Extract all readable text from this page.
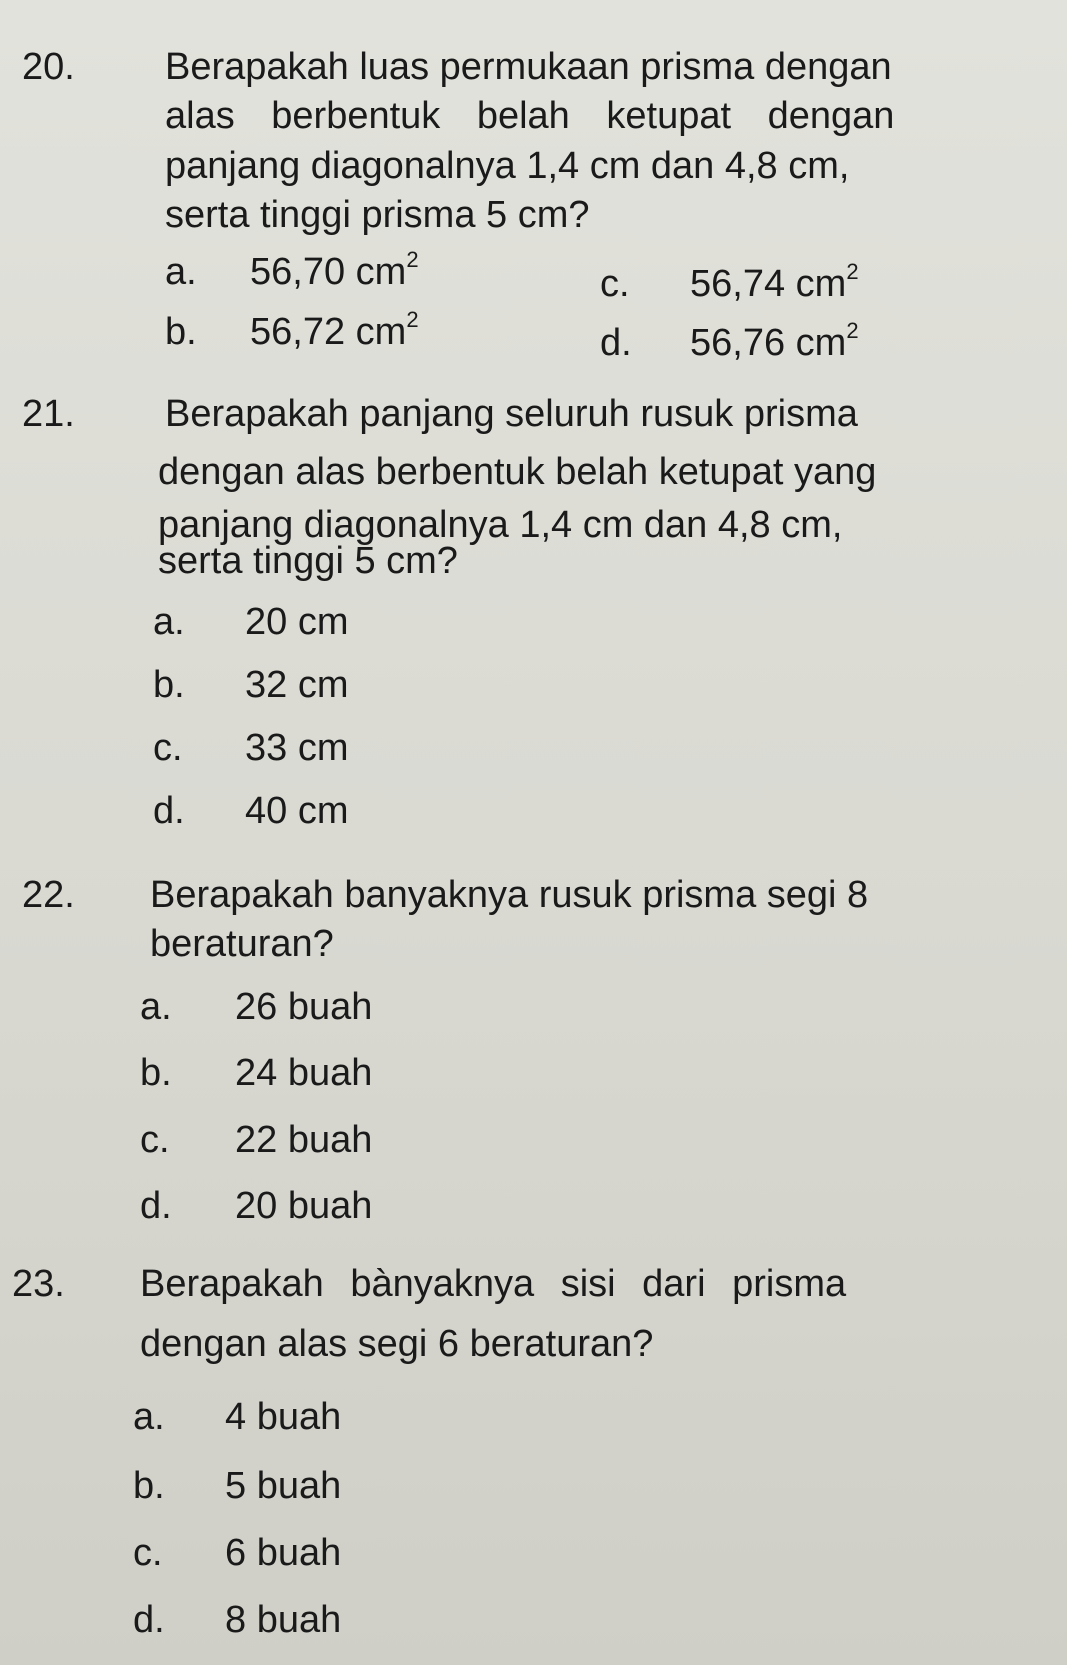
20. Berapakah luas permukaan prisma dengan
alas berbentuk belah ketupat dengan
panjang diagonalnya 1,4 cm dan 4,8 cm,
serta tinggi prisma 5 cm?
a. 56,70 $cm^2$
c. 56,74 $cm^2$
b. 56,72 $cm^2$
d. 56,76 $cm^2$
21. Berapakah panjang seluruh rusuk prisma
dengan alas berbentuk belah ketupat yang
panjang diagonalnya 1,4 cm dan 4,8 cm,
serta tinggi 5 cm?
a. 20 cm
b. 32 cm
c. 33 cm
d. 40 cm
22. Berapakah banyaknya rusuk prisma segi 8
beraturan?
a. 26 buah
b. 24 buah
c. 22 buah
d. 20 buah
23. Berapakah bànyaknya sisi dari prisma
dengan alas segi 6 beraturan?
a. 4 buah
b. 5 buah
c. 6 buah
d. 8 buah
